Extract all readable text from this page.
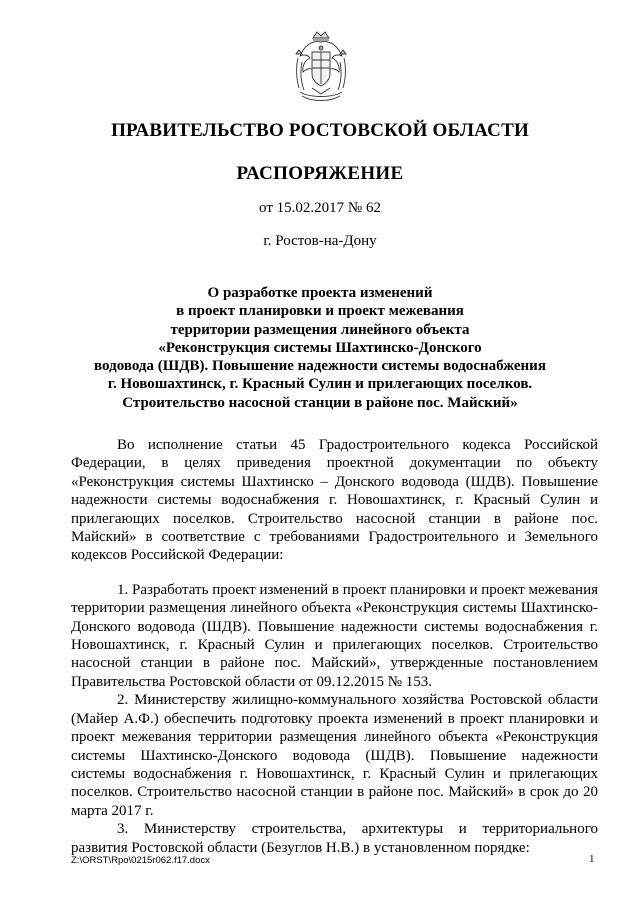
ПРАВИТЕЛЬСТВО РОСТОВСКОЙ ОБЛАСТИ
РАСПОРЯЖЕНИЕ
от 15.02.2017 № 62
г. Ростов-на-Дону
О разработке проекта изменений
в проект планировки и проект межевания
территории размещения линейного объекта
«Реконструкция системы Шахтинско-Донского
водовода (ШДВ). Повышение надежности системы водоснабжения
г. Новошахтинск, г. Красный Сулин и прилегающих поселков.
Строительство насосной станции в районе пос. Майский»

Во исполнение статьи 45 Градостроительного кодекса Российской Федерации, в целях приведения проектной документации по объекту «Реконструкция системы Шахтинско – Донского водовода (ШДВ). Повышение надежности системы водоснабжения г. Новошахтинск, г. Красный Сулин и прилегающих поселков. Строительство насосной станции в районе пос. Майский» в соответствие с требованиями Градостроительного и Земельного кодексов Российской Федерации:

1. Разработать проект изменений в проект планировки и проект межевания территории размещения линейного объекта «Реконструкция системы Шахтинско-Донского водовода (ШДВ). Повышение надежности системы водоснабжения г. Новошахтинск, г. Красный Сулин и прилегающих поселков. Строительство насосной станции в районе пос. Майский», утвержденные постановлением Правительства Ростовской области от 09.12.2015 № 153.

2. Министерству жилищно-коммунального хозяйства Ростовской области (Майер А.Ф.) обеспечить подготовку проекта изменений в проект планировки и проект межевания территории размещения линейного объекта «Реконструкция системы Шахтинско-Донского водовода (ШДВ). Повышение надежности системы водоснабжения г. Новошахтинск, г. Красный Сулин и прилегающих поселков. Строительство насосной станции в районе пос. Майский» в срок до 20 марта 2017 г.

3. Министерству строительства, архитектуры и территориального развития Ростовской области (Безуглов Н.В.) в установленном порядке:

Z:\ORST\Rpo\0215r062.f17.docx	1
